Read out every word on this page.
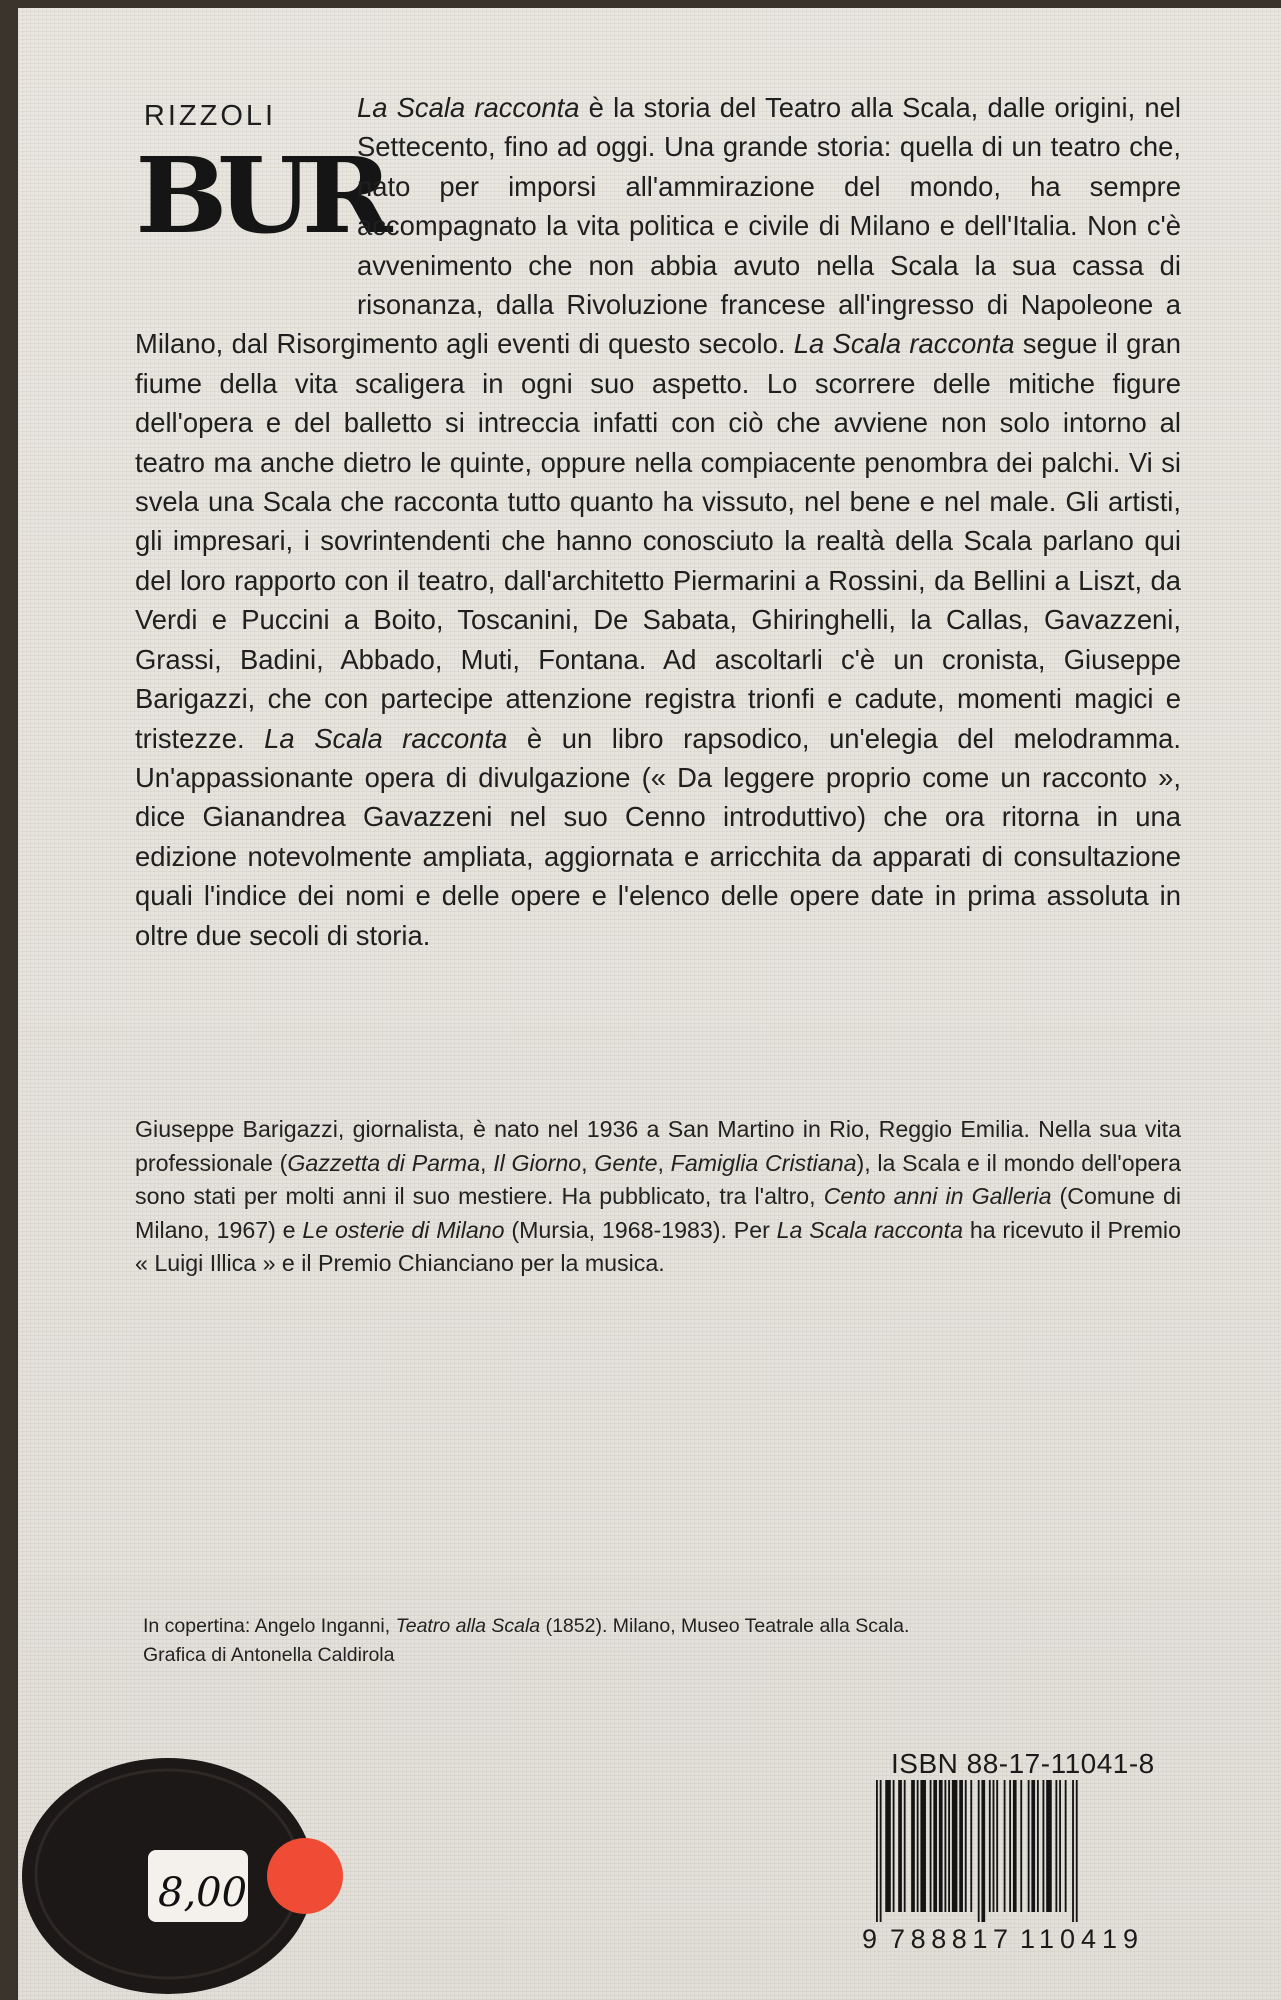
RIZZOLI
BUR

La Scala racconta è la storia del Teatro alla Scala, dalle origini, nel Settecento, fino ad oggi. Una grande storia: quella di un teatro che, nato per imporsi all'ammirazione del mondo, ha sempre accompagnato la vita politica e civile di Milano e dell'Italia. Non c'è avvenimento che non abbia avuto nella Scala la sua cassa di risonanza, dalla Rivoluzione francese all'ingresso di Napoleone a Milano, dal Risorgimento agli eventi di questo secolo. La Scala racconta segue il gran fiume della vita scaligera in ogni suo aspetto. Lo scorrere delle mitiche figure dell'opera e del balletto si intreccia infatti con ciò che avviene non solo intorno al teatro ma anche dietro le quinte, oppure nella compiacente penombra dei palchi. Vi si svela una Scala che racconta tutto quanto ha vissuto, nel bene e nel male. Gli artisti, gli impresari, i sovrintendenti che hanno conosciuto la realtà della Scala parlano qui del loro rapporto con il teatro, dall'architetto Piermarini a Rossini, da Bellini a Liszt, da Verdi e Puccini a Boito, Toscanini, De Sabata, Ghiringhelli, la Callas, Gavazzeni, Grassi, Badini, Abbado, Muti, Fontana. Ad ascoltarli c'è un cronista, Giuseppe Barigazzi, che con partecipe attenzione registra trionfi e cadute, momenti magici e tristezze. La Scala racconta è un libro rapsodico, un'elegia del melodramma. Un'appassionante opera di divulgazione (« Da leggere proprio come un racconto », dice Gianandrea Gavazzeni nel suo Cenno introduttivo) che ora ritorna in una edizione notevolmente ampliata, aggiornata e arricchita da apparati di consultazione quali l'indice dei nomi e delle opere e l'elenco delle opere date in prima assoluta in oltre due secoli di storia.

Giuseppe Barigazzi, giornalista, è nato nel 1936 a San Martino in Rio, Reggio Emilia. Nella sua vita professionale (Gazzetta di Parma, Il Giorno, Gente, Famiglia Cristiana), la Scala e il mondo dell'opera sono stati per molti anni il suo mestiere. Ha pubblicato, tra l'altro, Cento anni in Galleria (Comune di Milano, 1967) e Le osterie di Milano (Mursia, 1968-1983). Per La Scala racconta ha ricevuto il Premio « Luigi Illica » e il Premio Chianciano per la musica.

In copertina: Angelo Inganni, Teatro alla Scala (1852). Milano, Museo Teatrale alla Scala.
Grafica di Antonella Caldirola
ISBN 88-17-11041-8
9 788817 110419
8,00
